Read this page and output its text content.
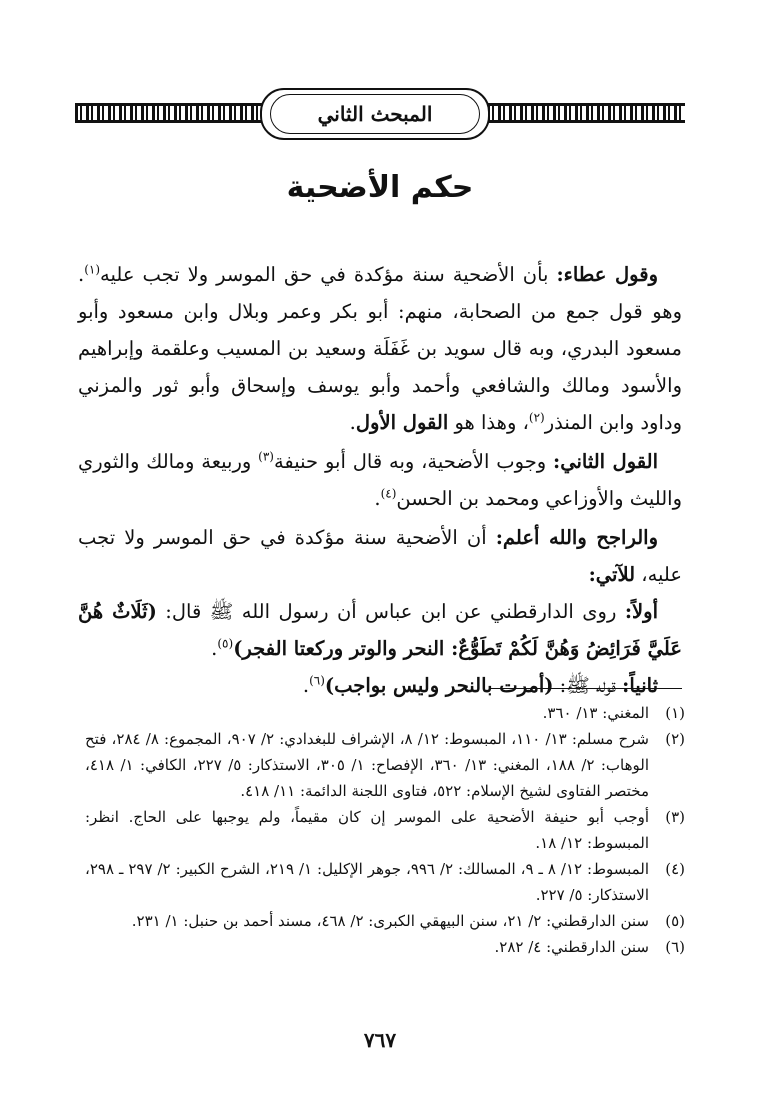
المبحث الثاني
حكم الأضحية

وقول عطاء: بأن الأضحية سنة مؤكدة في حق الموسر ولا تجب عليه$^{(١)}$. وهو قول جمع من الصحابة، منهم: أبو بكر وعمر وبلال وابن مسعود وأبو مسعود البدري، وبه قال سويد بن غَفَلَة وسعيد بن المسيب وعلقمة وإبراهيم والأسود ومالك والشافعي وأحمد وأبو يوسف وإسحاق وأبو ثور والمزني وداود وابن المنذر$^{(٢)}$، وهذا هو القول الأول.

القول الثاني: وجوب الأضحية، وبه قال أبو حنيفة$^{(٣)}$ وربيعة ومالك والثوري والليث والأوزاعي ومحمد بن الحسن$^{(٤)}$.

والراجح والله أعلم: أن الأضحية سنة مؤكدة في حق الموسر ولا تجب عليه، للآتي:

أولاً: روى الدارقطني عن ابن عباس أن رسول الله ﷺ قال: (ثَلَاثٌ هُنَّ عَلَيَّ فَرَائِضُ وَهُنَّ لَكُمْ تَطَوُّعٌ: النحر والوتر وركعتا الفجر)$^{(٥)}$.

ثانياً: قوله ﷺ: (أمرت بالنحر وليس بواجب)$^{(٦)}$.

(١)
المغني: ١٣/ ٣٦٠.
(٢)
شرح مسلم: ١٣/ ١١٠، المبسوط: ١٢/ ٨، الإشراف للبغدادي: ٢/ ٩٠٧، المجموع: ٨/ ٢٨٤، فتح الوهاب: ٢/ ١٨٨، المغني: ١٣/ ٣٦٠، الإفصاح: ١/ ٣٠٥، الاستذكار: ٥/ ٢٢٧، الكافي: ١/ ٤١٨، مختصر الفتاوى لشيخ الإسلام: ٥٢٢، فتاوى اللجنة الدائمة: ١١/ ٤١٨.
(٣)
أوجب أبو حنيفة الأضحية على الموسر إن كان مقيماً، ولم يوجبها على الحاج. انظر: المبسوط: ١٢/ ١٨.
(٤)
المبسوط: ١٢/ ٨ ـ ٩، المسالك: ٢/ ٩٩٦، جوهر الإكليل: ١/ ٢١٩، الشرح الكبير: ٢/ ٢٩٧ ـ ٢٩٨، الاستذكار: ٥/ ٢٢٧.
(٥)
سنن الدارقطني: ٢/ ٢١، سنن البيهقي الكبرى: ٢/ ٤٦٨، مسند أحمد بن حنبل: ١/ ٢٣١.
(٦)
سنن الدارقطني: ٤/ ٢٨٢.
٧٦٧
